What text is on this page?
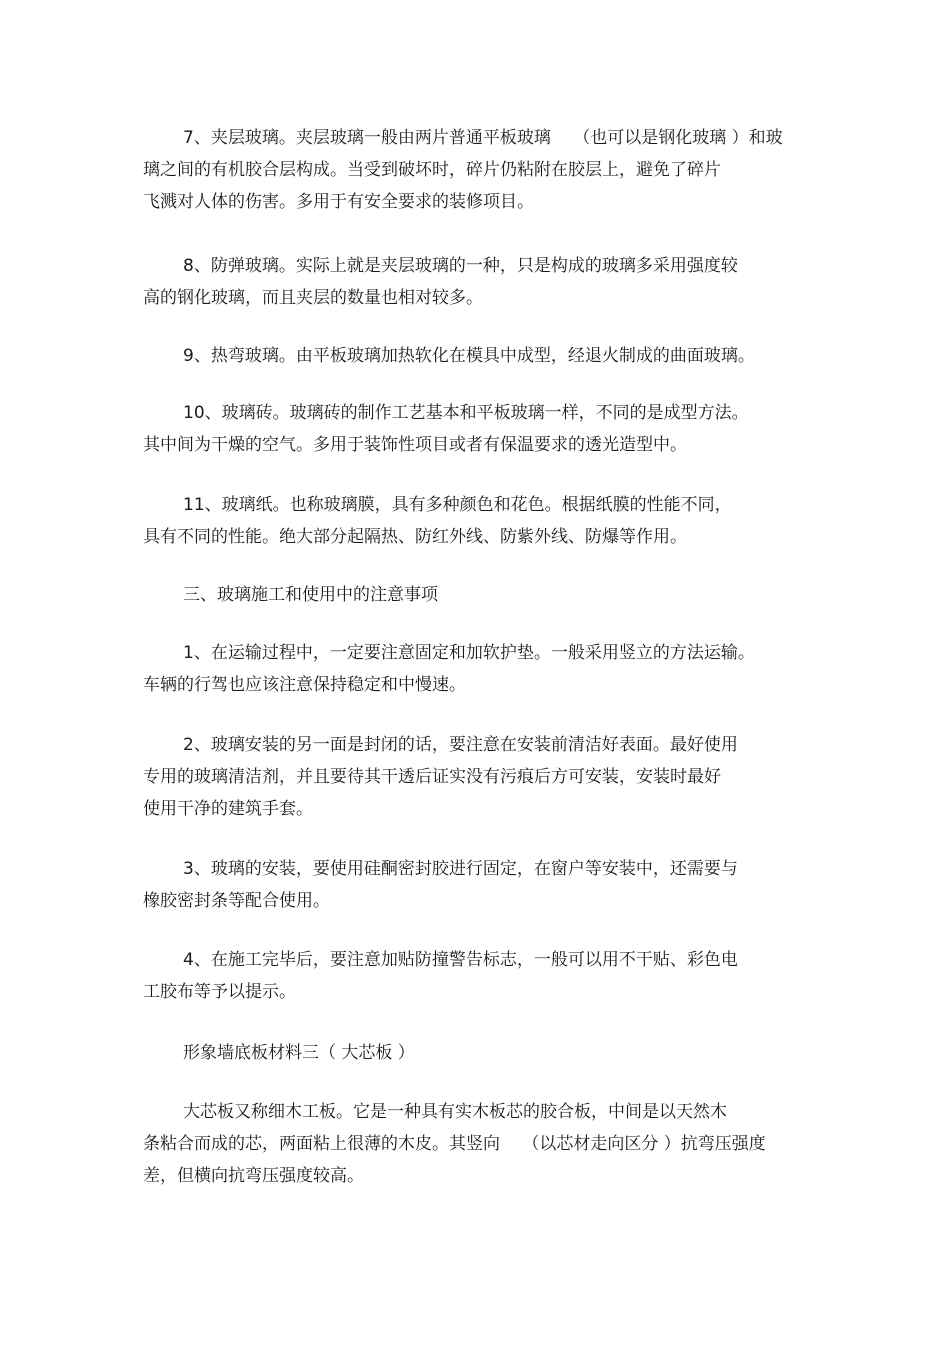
7、夹层玻璃。夹层玻璃一般由两片普通平板玻璃　 （也可以是钢化玻璃 ）和玻
璃之间的有机胶合层构成。当受到破坏时，碎片仍粘附在胶层上，避免了碎片
飞溅对人体的伤害。多用于有安全要求的装修项目。
8、防弹玻璃。实际上就是夹层玻璃的一种，只是构成的玻璃多采用强度较
高的钢化玻璃，而且夹层的数量也相对较多。
9、热弯玻璃。由平板玻璃加热软化在模具中成型，经退火制成的曲面玻璃。
10、玻璃砖。玻璃砖的制作工艺基本和平板玻璃一样，不同的是成型方法。
其中间为干燥的空气。多用于装饰性项目或者有保温要求的透光造型中。
11、玻璃纸。也称玻璃膜，具有多种颜色和花色。根据纸膜的性能不同，
具有不同的性能。绝大部分起隔热、防红外线、防紫外线、防爆等作用。
三、玻璃施工和使用中的注意事项
1、在运输过程中，一定要注意固定和加软护垫。一般采用竖立的方法运输。
车辆的行驾也应该注意保持稳定和中慢速。
2、玻璃安装的另一面是封闭的话，要注意在安装前清洁好表面。最好使用
专用的玻璃清洁剂，并且要待其干透后证实没有污痕后方可安装，安装时最好
使用干净的建筑手套。
3、玻璃的安装，要使用硅酮密封胶进行固定，在窗户等安装中，还需要与
橡胶密封条等配合使用。
4、在施工完毕后，要注意加贴防撞警告标志，一般可以用不干贴、彩色电
工胶布等予以提示。
形象墙底板材料三（ 大芯板 ）
大芯板又称细木工板。它是一种具有实木板芯的胶合板，中间是以天然木
条粘合而成的芯，两面粘上很薄的木皮。其竖向　 （以芯材走向区分 ）抗弯压强度
差，但横向抗弯压强度较高。
